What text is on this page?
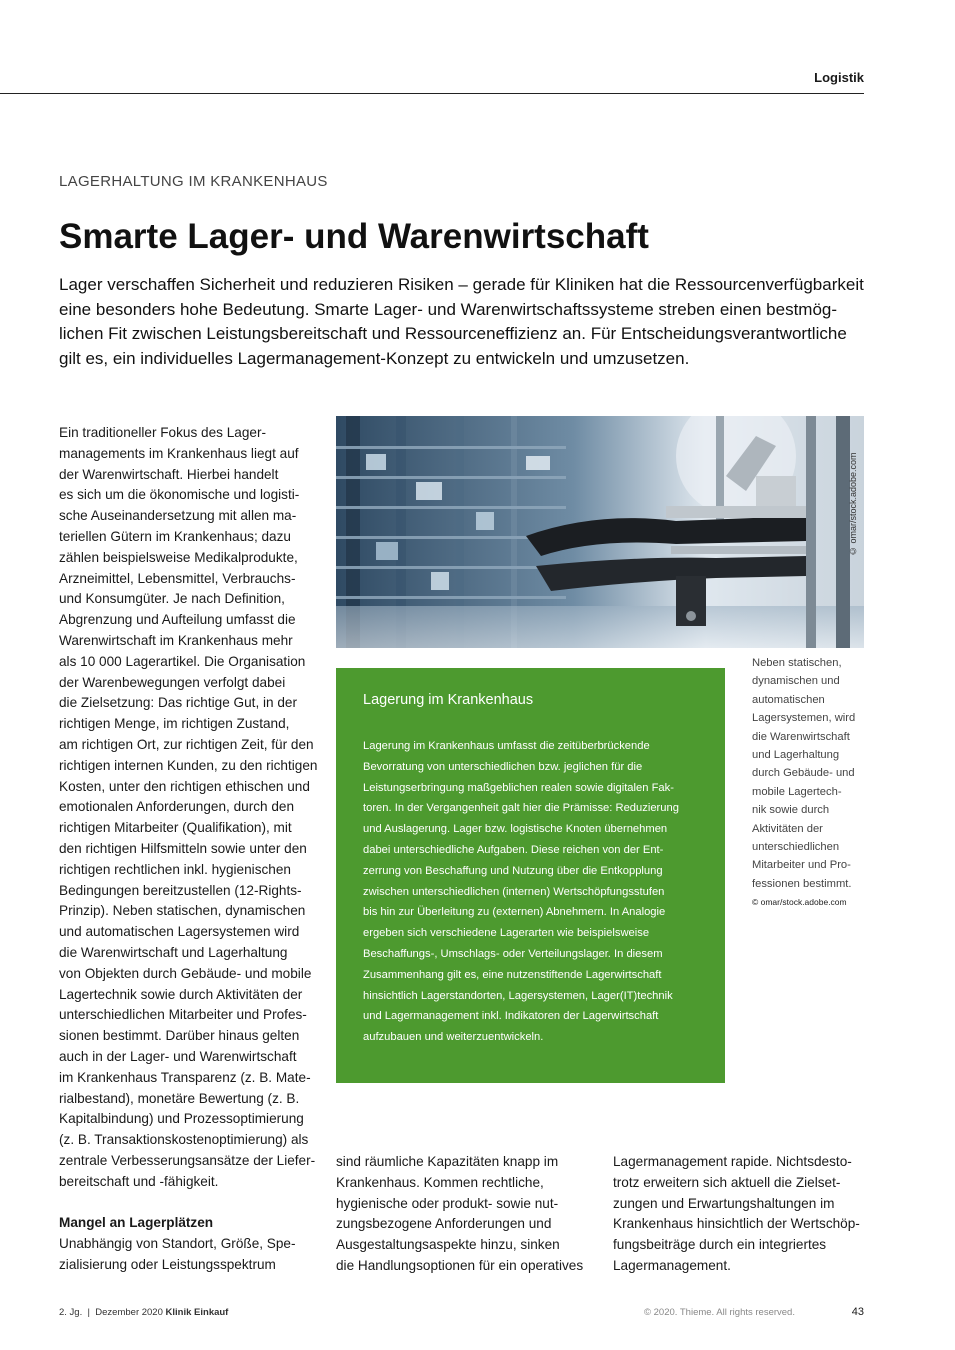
Logistik
LAGERHALTUNG IM KRANKENHAUS
Smarte Lager- und Warenwirtschaft
Lager verschaffen Sicherheit und reduzieren Risiken – gerade für Kliniken hat die Ressourcenverfügbarkeit
eine besonders hohe Bedeutung. Smarte Lager- und Warenwirtschaftssysteme streben einen bestmög-
lichen Fit zwischen Leistungsbereitschaft und Ressourceneffizienz an. Für Entscheidungsverantwortliche
gilt es, ein individuelles Lagermanagement-Konzept zu entwickeln und umzusetzen.
Ein traditioneller Fokus des Lager-
managements im Krankenhaus liegt auf
der Warenwirtschaft. Hierbei handelt
es sich um die ökonomische und logisti-
sche Auseinandersetzung mit allen ma-
teriellen Gütern im Krankenhaus; dazu
zählen beispielsweise Medikalprodukte,
Arzneimittel, Lebensmittel, Verbrauchs-
und Konsumgüter. Je nach Definition,
Abgrenzung und Aufteilung umfasst die
Warenwirtschaft im Krankenhaus mehr
als 10 000 Lagerartikel. Die Organisation
der Warenbewegungen verfolgt dabei
die Zielsetzung: Das richtige Gut, in der
richtigen Menge, im richtigen Zustand,
am richtigen Ort, zur richtigen Zeit, für den
richtigen internen Kunden, zu den richtigen
Kosten, unter den richtigen ethischen und
emotionalen Anforderungen, durch den
richtigen Mitarbeiter (Qualifikation), mit
den richtigen Hilfsmitteln sowie unter den
richtigen rechtlichen inkl. hygienischen
Bedingungen bereitzustellen (12-Rights-
Prinzip). Neben statischen, dynamischen
und automatischen Lagersystemen wird
die Warenwirtschaft und Lagerhaltung
von Objekten durch Gebäude- und mobile
Lagertechnik sowie durch Aktivitäten der
unterschiedlichen Mitarbeiter und Profes-
sionen bestimmt. Darüber hinaus gelten
auch in der Lager- und Warenwirtschaft
im Krankenhaus Transparenz (z. B. Mate-
rialbestand), monetäre Bewertung (z. B.
Kapitalbindung) und Prozessoptimierung
(z. B. Transaktionskostenoptimierung) als
zentrale Verbesserungsansätze der Liefer-
bereitschaft und -fähigkeit.
Mangel an Lagerplätzen
Unabhängig von Standort, Größe, Spe-
zialisierung oder Leistungsspektrum
© omar/stock.adobe.com
Neben statischen,
dynamischen und
automatischen
Lagersystemen, wird
die Warenwirtschaft
und Lagerhaltung
durch Gebäude- und
mobile Lagertech-
nik sowie durch
Aktivitäten der
unterschiedlichen
Mitarbeiter und Pro-
fessionen bestimmt.
© omar/stock.adobe.com
Lagerung im Krankenhaus
Lagerung im Krankenhaus umfasst die zeitüberbrückende
Bevorratung von unterschiedlichen bzw. jeglichen für die
Leistungserbringung maßgeblichen realen sowie digitalen Fak-
toren. In der Vergangenheit galt hier die Prämisse: Reduzierung
und Auslagerung. Lager bzw. logistische Knoten übernehmen
dabei unterschiedliche Aufgaben. Diese reichen von der Ent-
zerrung von Beschaffung und Nutzung über die Entkopplung
zwischen unterschiedlichen (internen) Wertschöpfungsstufen
bis hin zur Überleitung zu (externen) Abnehmern. In Analogie
ergeben sich verschiedene Lagerarten wie beispielsweise
Beschaffungs-, Umschlags- oder Verteilungslager. In diesem
Zusammenhang gilt es, eine nutzenstiftende Lagerwirtschaft
hinsichtlich Lagerstandorten, Lagersystemen, Lager(IT)technik
und Lagermanagement inkl. Indikatoren der Lagerwirtschaft
aufzubauen und weiterzuentwickeln.
sind räumliche Kapazitäten knapp im
Krankenhaus. Kommen rechtliche,
hygienische oder produkt- sowie nut-
zungsbezogene Anforderungen und
Ausgestaltungsaspekte hinzu, sinken
die Handlungsoptionen für ein operatives
Lagermanagement rapide. Nichtsdesto-
trotz erweitern sich aktuell die Zielset-
zungen und Erwartungshaltungen im
Krankenhaus hinsichtlich der Wertschöp-
fungsbeiträge durch ein integriertes
Lagermanagement.
2. Jg. | Dezember 2020 Klinik Einkauf	© 2020. Thieme. All rights reserved.	43
